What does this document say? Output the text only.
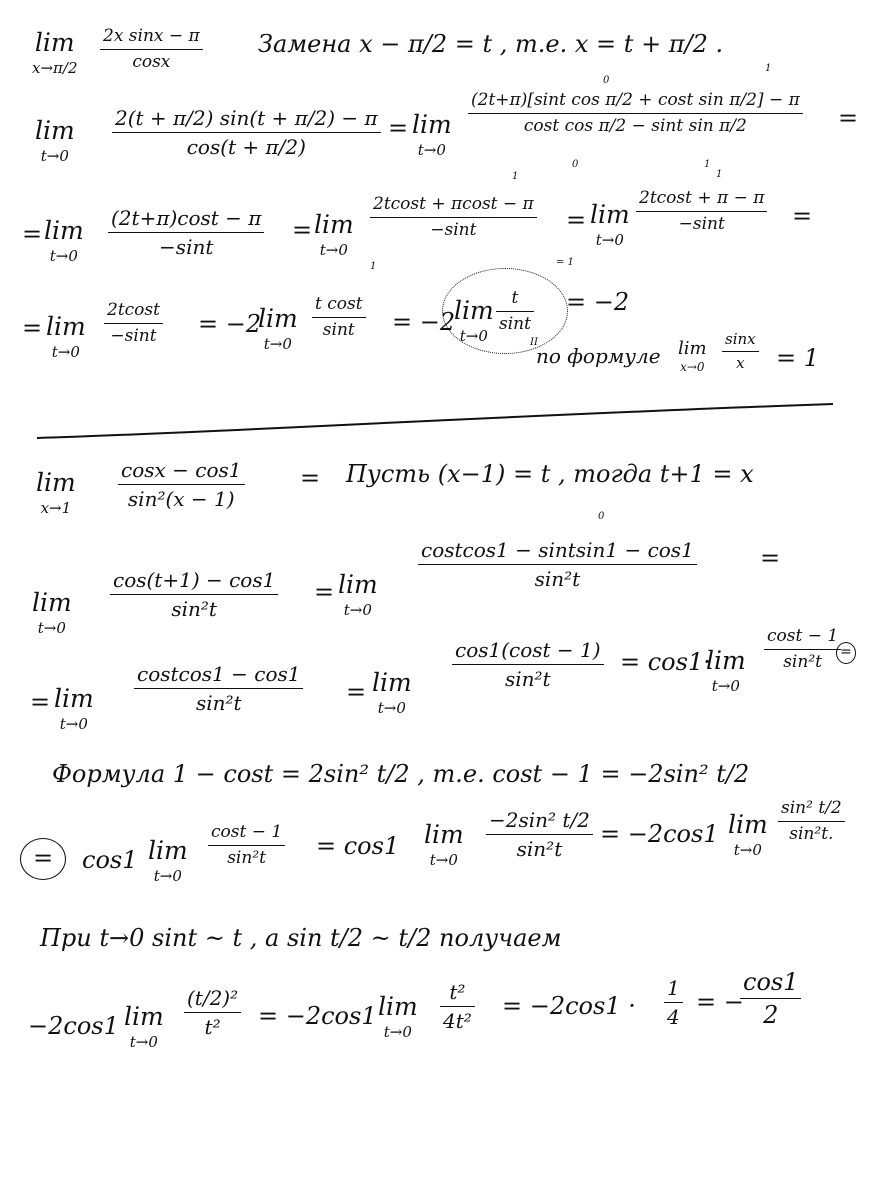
lim
x→π/2
2x sinx − π
cosx
Замена x − π/2 = t , т.е. x = t + π/2 .
lim
t→0
2(t + π/2) sin(t + π/2) − π
cos(t + π/2)
= lim
t→0
(2t+π)[sint cos π/2 + cost sin π/2] − π
cost cos π/2 − sint sin π/2	=
0
1
0	1
= lim
t→0
(2t+π)cost − π
−sint
= lim
t→0
2tcost + πcost − π
−sint	= lim
t→0
2tcost + π − π
−sint	=
1	1
= lim
t→0
2tcost
−sint = −2
lim
t→0
t cost
sint = −2
lim
t→0
t
sint
= −2
1	= 1
II
по формуле lim
x→0
sinx
x = 1
lim
x→1
cosx − cos1
sin²(x − 1)
= Пусть (x−1) = t , тогда t+1 = x
lim
t→0
cos(t+1) − cos1
sin²t
= lim
t→0
costcos1 − sintsin1 − cos1
sin²t
=
0
= lim
t→0
costcos1 − cos1
sin²t	= lim
t→0
cos1(cost − 1)
sin²t
= cos1·
lim
t→0
cost − 1
sin²t =
Формула 1 − cost = 2sin² t/2 , т.е. cost − 1 = −2sin² t/2
= cos1 lim
t→0
cost − 1
sin²t = cos1 lim
t→0
−2sin² t/2
sin²t
= −2cos1 lim
t→0
sin² t/2
sin²t.
При t→0 sint ~ t , а sin t/2 ~ t/2 получаем
−2cos1 lim
t→0
(t/2)²
t² = −2cos1 lim
t→0
t²
4t²
= −2cos1 ·
1
4
= −
cos1
2
